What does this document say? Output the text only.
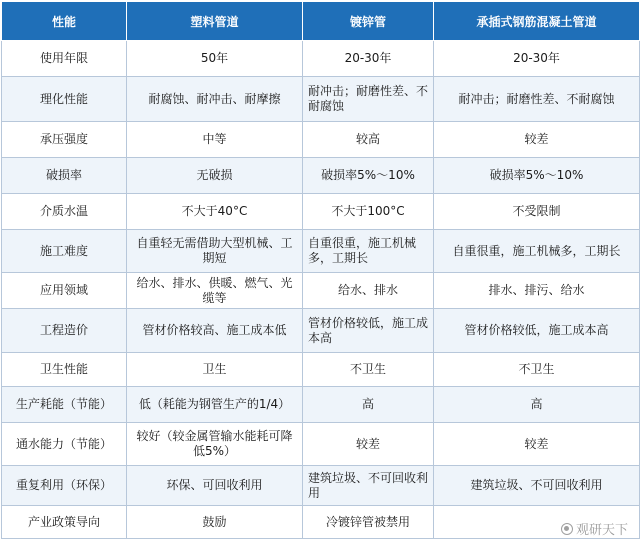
性能	塑料管道	镀锌管	承插式钢筋混凝土管道
使用年限	50年	20-30年	20-30年
理化性能	耐腐蚀、耐冲击、耐摩擦	耐冲击；耐磨性差、不耐腐蚀	耐冲击；耐磨性差、不耐腐蚀
承压强度	中等	较高	较差
破损率	无破损	破损率5%～10%	破损率5%～10%
介质水温	不大于40°C	不大于100°C	不受限制
施工难度	自重轻无需借助大型机械、工期短	自重很重，施工机械多，工期长	自重很重，施工机械多，工期长
应用领域	给水、排水、供暖、燃气、光缆等	给水、排水	排水、排污、给水
工程造价	管材价格较高、施工成本低	管材价格较低，施工成本高	管材价格较低，施工成本高
卫生性能	卫生	不卫生	不卫生
生产耗能（节能）	低（耗能为钢管生产的1/4）	高	高
通水能力（节能）	较好（较金属管输水能耗可降低5%）	较差	较差
重复利用（环保）	环保、可回收利用	建筑垃圾、不可回收利用	建筑垃圾、不可回收利用
产业政策导向	鼓励	冷镀锌管被禁用	
观研天下
